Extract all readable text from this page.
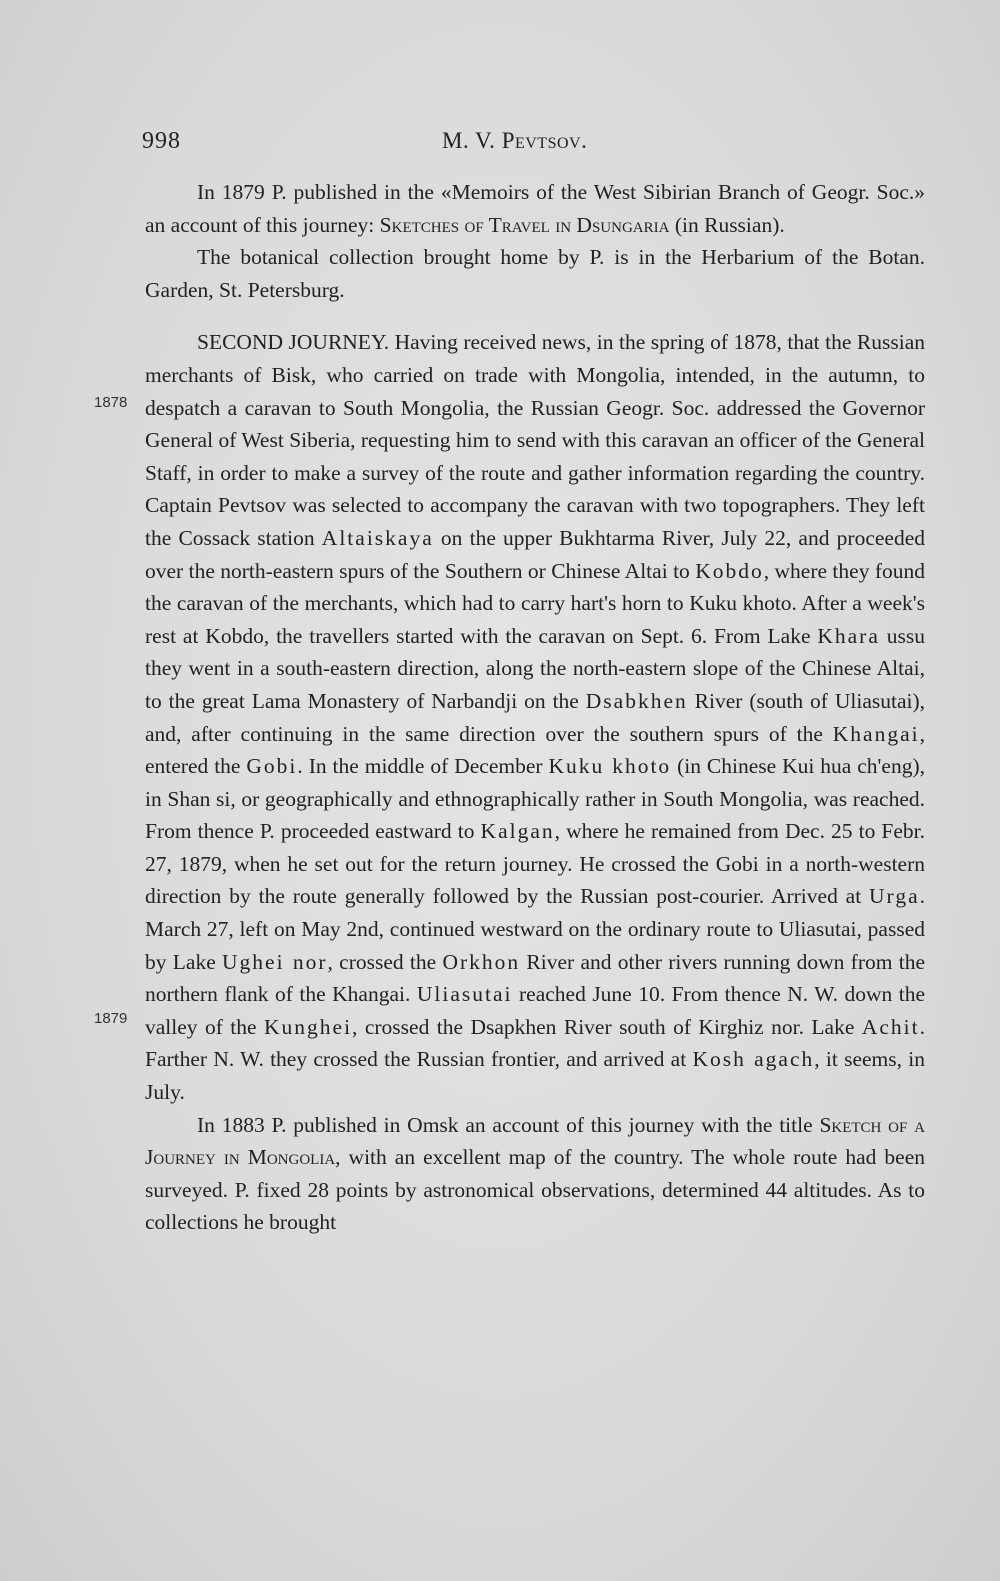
998	M. V. Pevtsov.
1878
1879

In 1879 P. published in the «Memoirs of the West Sibirian Branch of Geogr. Soc.» an account of this journey: Sketches of Travel in Dsungaria (in Russian).

The botanical collection brought home by P. is in the Herbarium of the Botan. Garden, St. Petersburg.

SECOND JOURNEY. Having received news, in the spring of 1878, that the Russian merchants of Bisk, who carried on trade with Mongolia, intended, in the autumn, to despatch a caravan to South Mongolia, the Russian Geogr. Soc. addressed the Governor General of West Siberia, requesting him to send with this caravan an officer of the General Staff, in order to make a survey of the route and gather information regarding the country. Captain Pevtsov was selected to accompany the caravan with two topographers. They left the Cossack station Altaiskaya on the upper Bukhtarma River, July 22, and proceeded over the north-eastern spurs of the Southern or Chinese Altai to Kobdo, where they found the caravan of the merchants, which had to carry hart's horn to Kuku khoto. After a week's rest at Kobdo, the travellers started with the caravan on Sept. 6. From Lake Khara ussu they went in a south-eastern direction, along the north-eastern slope of the Chinese Altai, to the great Lama Monastery of Narbandji on the Dsabkhen River (south of Uliasutai), and, after continuing in the same direction over the southern spurs of the Khangai, entered the Gobi. In the middle of December Kuku khoto (in Chinese Kui hua ch'eng), in Shan si, or geographically and ethnographically rather in South Mongolia, was reached. From thence P. proceeded eastward to Kalgan, where he remained from Dec. 25 to Febr. 27, 1879, when he set out for the return journey. He crossed the Gobi in a north-western direction by the route generally followed by the Russian post-courier. Arrived at Urga. March 27, left on May 2nd, continued westward on the ordinary route to Uliasutai, passed by Lake Ughei nor, crossed the Orkhon River and other rivers running down from the northern flank of the Khangai. Uliasutai reached June 10. From thence N. W. down the valley of the Kunghei, crossed the Dsapkhen River south of Kirghiz nor. Lake Achit. Farther N. W. they crossed the Russian frontier, and arrived at Kosh agach, it seems, in July.

In 1883 P. published in Omsk an account of this journey with the title Sketch of a Journey in Mongolia, with an excellent map of the country. The whole route had been surveyed. P. fixed 28 points by astronomical observations, determined 44 altitudes. As to collections he brought
